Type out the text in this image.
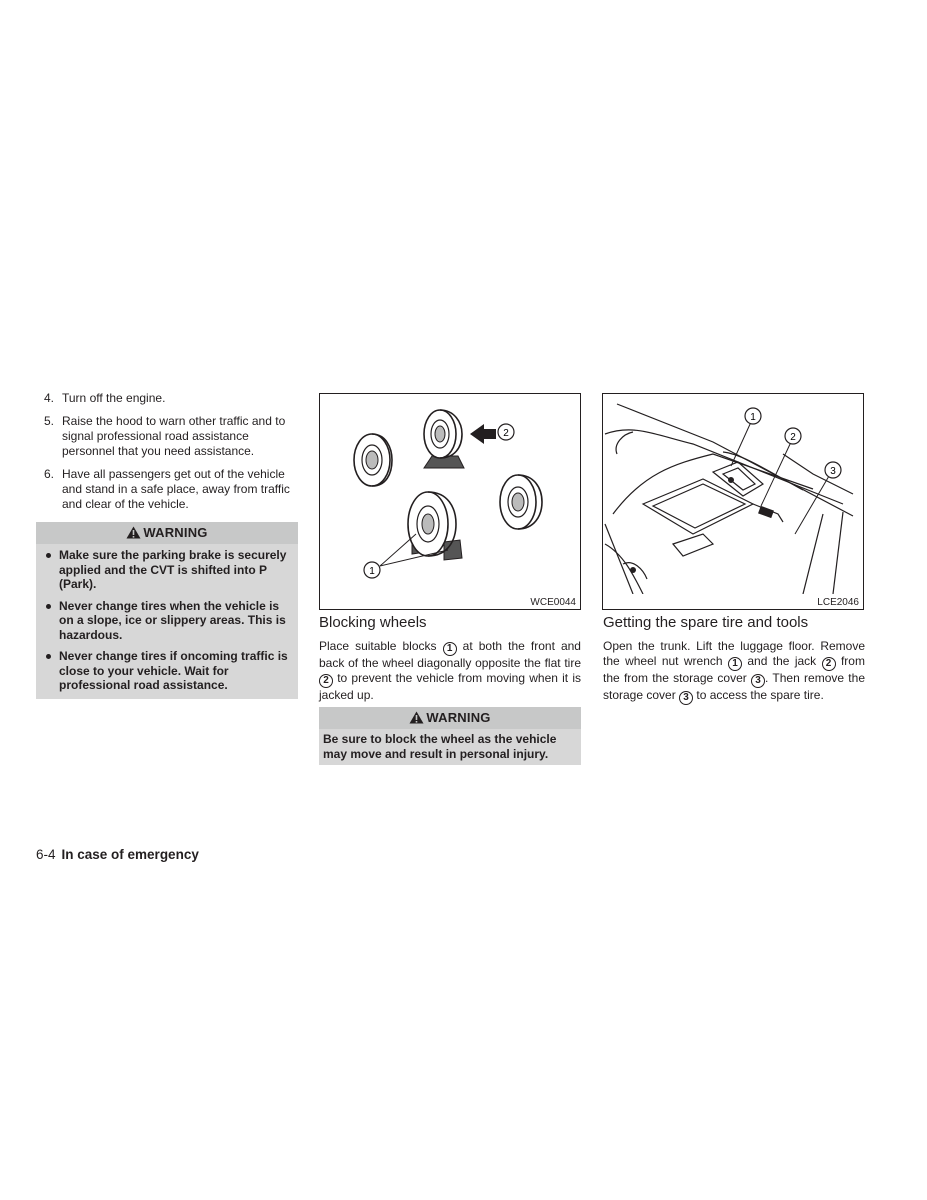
4. Turn off the engine.
5. Raise the hood to warn other traffic and to signal professional road assistance personnel that you need assistance.
6. Have all passengers get out of the vehicle and stand in a safe place, away from traffic and clear of the vehicle.
WARNING
Make sure the parking brake is securely applied and the CVT is shifted into P (Park).
Never change tires when the vehicle is on a slope, ice or slippery areas. This is hazardous.
Never change tires if oncoming traffic is close to your vehicle. Wait for professional road assistance.
1
2
WCE0044
Blocking wheels
Place suitable blocks 1 at both the front and back of the wheel diagonally opposite the flat tire 2 to prevent the vehicle from moving when it is jacked up.
WARNING
Be sure to block the wheel as the vehicle may move and result in personal injury.
1
2
3
LCE2046
Getting the spare tire and tools
Open the trunk. Lift the luggage floor. Remove the wheel nut wrench 1 and the jack 2 from the from the storage cover 3 . Then remove the storage cover 3 to access the spare tire.
6-4 In case of emergency
